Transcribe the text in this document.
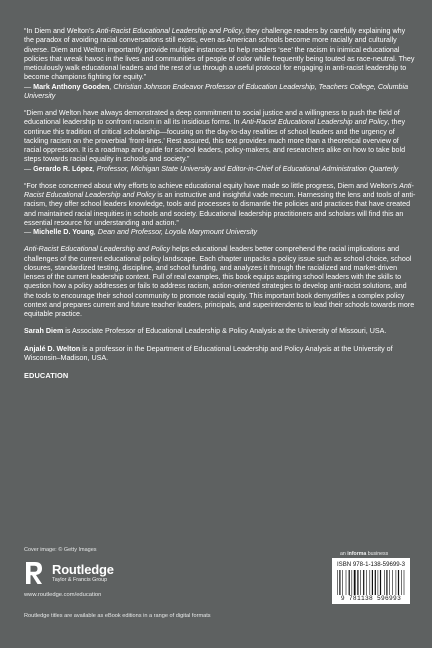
“In Diem and Welton’s Anti-Racist Educational Leadership and Policy, they challenge readers by carefully explaining why the paradox of avoiding racial conversations still exists, even as American schools become more racially and culturally diverse. Diem and Welton importantly provide multiple instances to help readers ‘see’ the racism in inimical educational policies that wreak havoc in the lives and communities of people of color while frequently being touted as race-neutral. They meticulously walk educational leaders and the rest of us through a useful protocol for engaging in anti-racist leadership to become champions fighting for equity.”

— Mark Anthony Gooden, Christian Johnson Endeavor Professor of Education Leadership, Teachers College, Columbia University

“Diem and Welton have always demonstrated a deep commitment to social justice and a willingness to push the field of educational leadership to confront racism in all its insidious forms. In Anti-Racist Educational Leadership and Policy, they continue this tradition of critical scholarship—focusing on the day-to-day realities of school leaders and the urgency of tackling racism on the proverbial ‘front-lines.’ Rest assured, this text provides much more than a theoretical overview of racial oppression. It is a roadmap and guide for school leaders, policy-makers, and researchers alike on how to take bold steps towards racial equality in schools and society.”

— Gerardo R. López, Professor, Michigan State University and Editor-in-Chief of Educational Administration Quarterly

“For those concerned about why efforts to achieve educational equity have made so little progress, Diem and Welton’s Anti-Racist Educational Leadership and Policy is an instructive and insightful vade mecum. Harnessing the lens and tools of anti-racism, they offer school leaders knowledge, tools and processes to dismantle the policies and practices that have created and maintained racial inequities in schools and society. Educational leadership practitioners and scholars will find this an essential resource for understanding and action.”

— Michelle D. Young, Dean and Professor, Loyola Marymount University

Anti-Racist Educational Leadership and Policy helps educational leaders better comprehend the racial implications and challenges of the current educational policy landscape. Each chapter unpacks a policy issue such as school choice, school closures, standardized testing, discipline, and school funding, and analyzes it through the racialized and market-driven lenses of the current leadership context. Full of real examples, this book equips aspiring school leaders with the skills to question how a policy addresses or fails to address racism, action-oriented strategies to develop anti-racist solutions, and the tools to encourage their school community to promote racial equity. This important book demystifies a complex policy context and prepares current and future teacher leaders, principals, and superintendents to lead their schools towards more equitable practice.

Sarah Diem is Associate Professor of Educational Leadership & Policy Analysis at the University of Missouri, USA.
Anjalé D. Welton is a professor in the Department of Educational Leadership and Policy Analysis at the University of Wisconsin–Madison, USA.
EDUCATION
Cover image: © Getty Images
Routledge
Taylor & Francis Group
www.routledge.com/education
an informa business
ISBN 978-1-138-59699-3
9 781138 596993
Routledge titles are available as eBook editions in a range of digital formats
